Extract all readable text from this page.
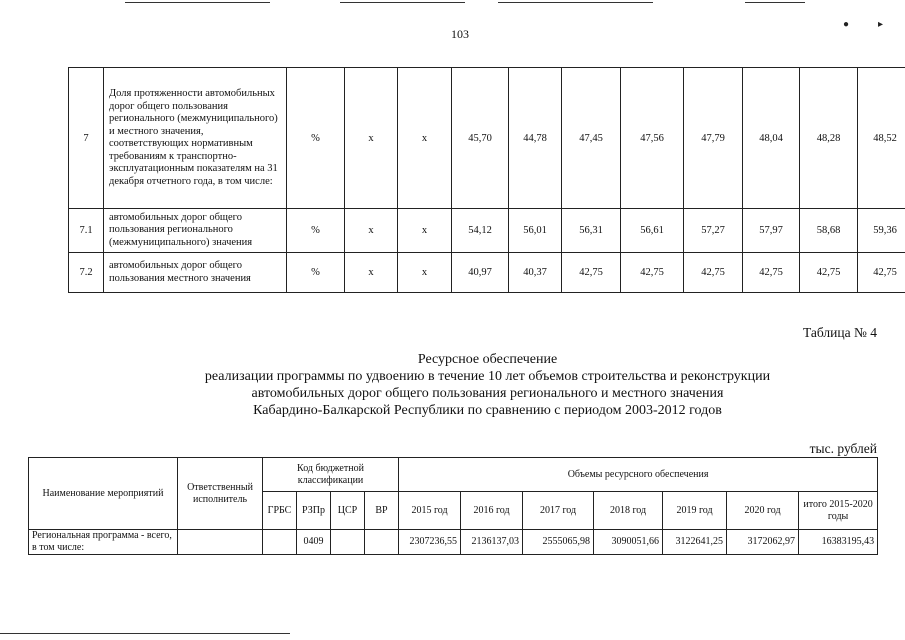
103
●‏	▸
7	Доля протяженности автомобильных дорог общего пользования регионального (межмуниципального) и местного значения, соответствующих нормативным требованиям к транспортно-эксплуатационным показателям на 31 декабря отчетного года, в том числе:	%	х	х	45,70	44,78	47,45	47,56	47,79	48,04	48,28	48,52
7.1	автомобильных дорог общего пользования регионального (межмуниципального) значения	%	х	х	54,12	56,01	56,31	56,61	57,27	57,97	58,68	59,36
7.2	автомобильных дорог общего пользования местного значения	%	х	х	40,97	40,37	42,75	42,75	42,75	42,75	42,75	42,75
Таблица № 4
Ресурсное обеспечение
реализации программы по удвоению в течение 10 лет объемов строительства и реконструкции
автомобильных дорог общего пользования регионального и местного значения
Кабардино-Балкарской Республики по сравнению с периодом 2003-2012 годов
тыс. рублей
Наименование мероприятий	Ответственный исполнитель	Код бюджетной классификации				Объемы ресурсного обеспечения						
		ГРБС	РЗПр	ЦСР	ВР	2015 год	2016 год	2017 год	2018 год	2019 год	2020 год	итого 2015-2020 годы
Региональная программа - всего, в том числе:			0409			2307236,55	2136137,03	2555065,98	3090051,66	3122641,25	3172062,97	16383195,43
